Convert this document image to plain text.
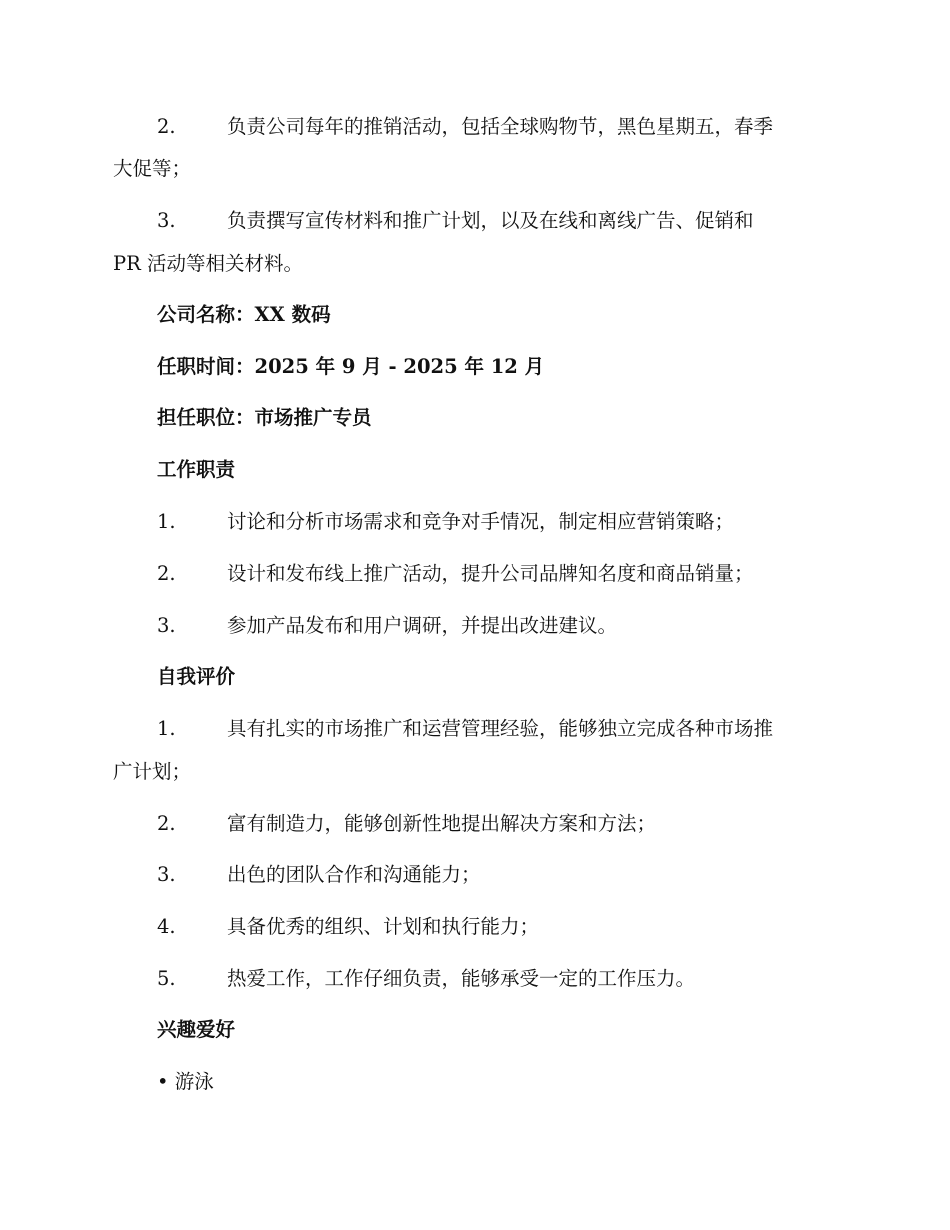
2.	负责公司每年的推销活动，包括全球购物节，黑色星期五，春季
大促等；
3.	负责撰写宣传材料和推广计划，以及在线和离线广告、促销和
PR 活动等相关材料。
公司名称：XX 数码
任职时间：2025 年 9 月 - 2025 年 12 月
担任职位：市场推广专员
工作职责
1.	讨论和分析市场需求和竞争对手情况，制定相应营销策略；
2.	设计和发布线上推广活动，提升公司品牌知名度和商品销量；
3.	参加产品发布和用户调研，并提出改进建议。
自我评价
1.	具有扎实的市场推广和运营管理经验，能够独立完成各种市场推
广计划；
2.	富有制造力，能够创新性地提出解决方案和方法；
3.	出色的团队合作和沟通能力；
4.	具备优秀的组织、计划和执行能力；
5.	热爱工作，工作仔细负责，能够承受一定的工作压力。
兴趣爱好
• 游泳
